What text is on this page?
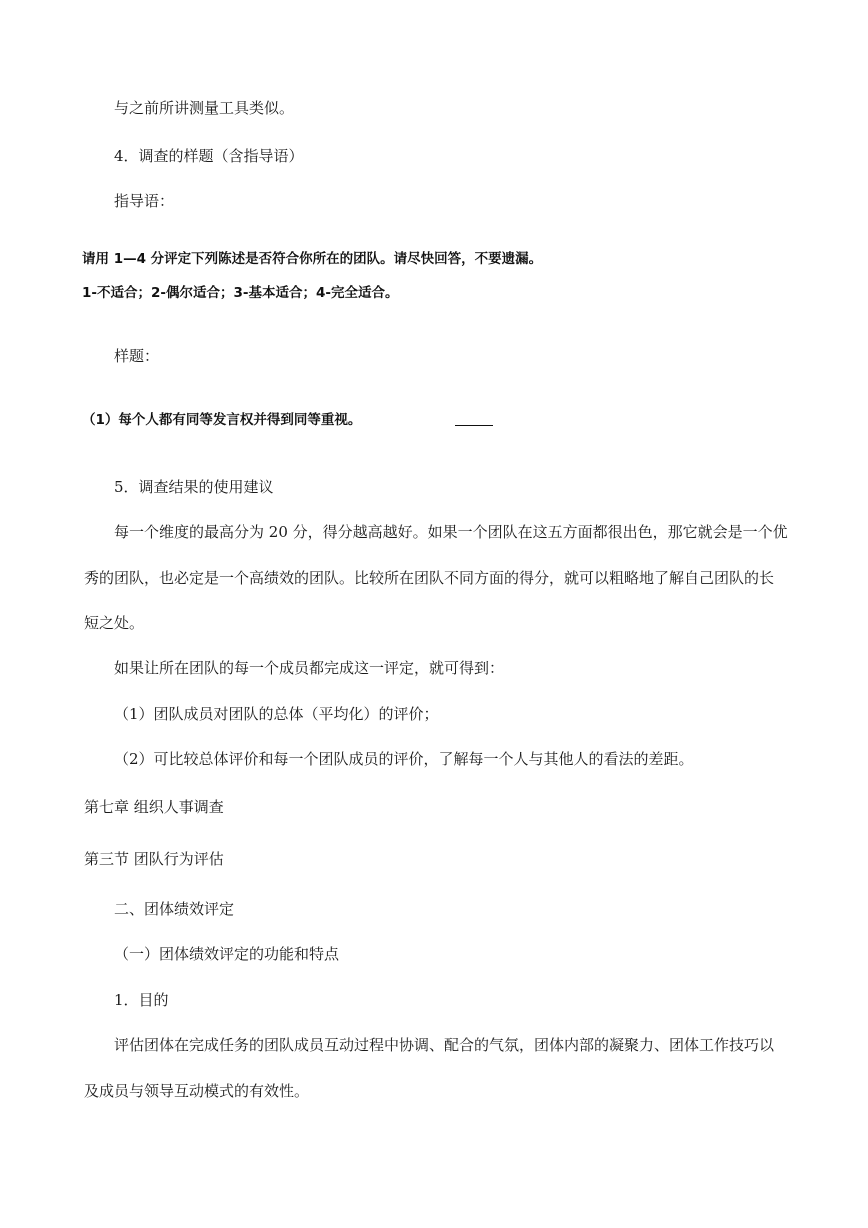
与之前所讲测量工具类似。
4．调查的样题（含指导语）
指导语：
请用 1—4 分评定下列陈述是否符合你所在的团队。请尽快回答，不要遗漏。
1-不适合；2-偶尔适合；3-基本适合；4-完全适合。
样题：
（1）每个人都有同等发言权并得到同等重视。
5．调查结果的使用建议
每一个维度的最高分为 20 分，得分越高越好。如果一个团队在这五方面都很出色，那它就会是一个优
秀的团队，也必定是一个高绩效的团队。比较所在团队不同方面的得分，就可以粗略地了解自己团队的长
短之处。
如果让所在团队的每一个成员都完成这一评定，就可得到：
（1）团队成员对团队的总体（平均化）的评价；
（2）可比较总体评价和每一个团队成员的评价，了解每一个人与其他人的看法的差距。
第七章 组织人事调查
第三节 团队行为评估
二、团体绩效评定
（一）团体绩效评定的功能和特点
1．目的
评估团体在完成任务的团队成员互动过程中协调、配合的气氛，团体内部的凝聚力、团体工作技巧以
及成员与领导互动模式的有效性。
